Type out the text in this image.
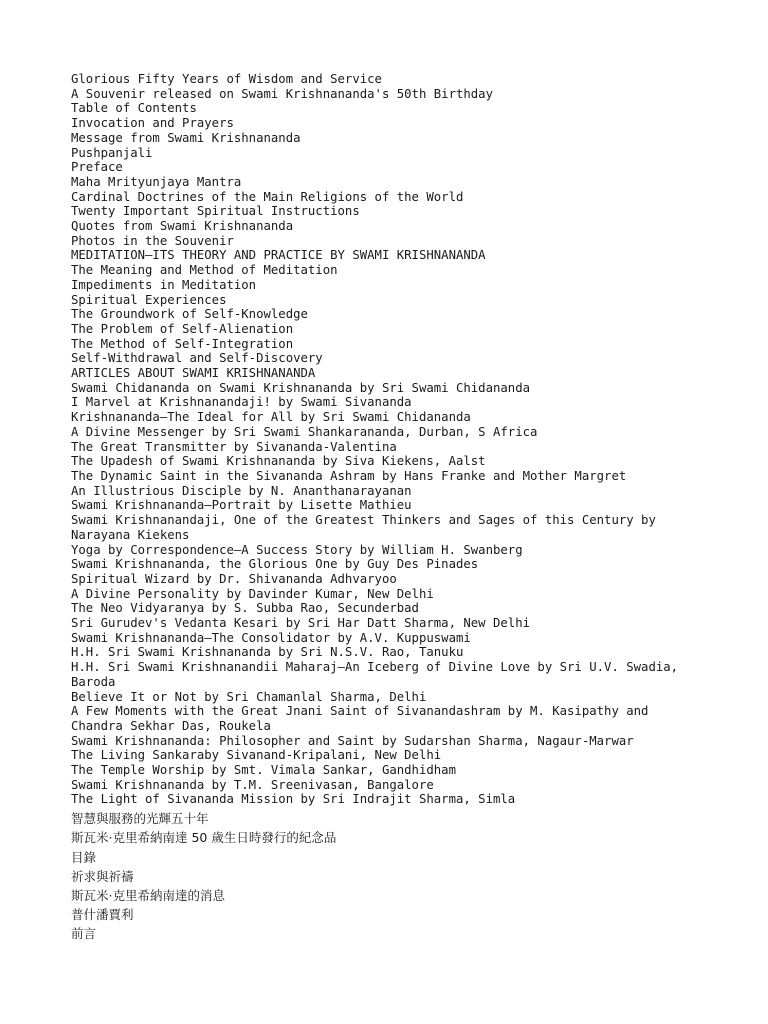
Glorious Fifty Years of Wisdom and Service

A Souvenir released on Swami Krishnananda's 50th Birthday

Table of Contents

Invocation and Prayers

Message from Swami Krishnananda

Pushpanjali

Preface

Maha Mrityunjaya Mantra

Cardinal Doctrines of the Main Religions of the World

Twenty Important Spiritual Instructions

Quotes from Swami Krishnananda

Photos in the Souvenir

MEDITATION—ITS THEORY AND PRACTICE BY SWAMI KRISHNANANDA

The Meaning and Method of Meditation

Impediments in Meditation

Spiritual Experiences

The Groundwork of Self-Knowledge

The Problem of Self-Alienation

The Method of Self-Integration

Self-Withdrawal and Self-Discovery

ARTICLES ABOUT SWAMI KRISHNANANDA

Swami Chidananda on Swami Krishnananda by Sri Swami Chidananda

I Marvel at Krishnanandaji! by Swami Sivananda

Krishnananda—The Ideal for All by Sri Swami Chidananda

A Divine Messenger by Sri Swami Shankarananda, Durban, S Africa

The Great Transmitter by Sivananda-Valentina

The Upadesh of Swami Krishnananda by Siva Kiekens, Aalst

The Dynamic Saint in the Sivananda Ashram by Hans Franke and Mother Margret

An Illustrious Disciple by N. Ananthanarayanan

Swami Krishnananda—Portrait by Lisette Mathieu

Swami Krishnanandaji, One of the Greatest Thinkers and Sages of this Century by

Narayana Kiekens

Yoga by Correspondence—A Success Story by William H. Swanberg

Swami Krishnananda, the Glorious One by Guy Des Pinades

Spiritual Wizard by Dr. Shivananda Adhvaryoo

A Divine Personality by Davinder Kumar, New Delhi

The Neo Vidyaranya by S. Subba Rao, Secunderbad

Sri Gurudev's Vedanta Kesari by Sri Har Datt Sharma, New Delhi

Swami Krishnananda—The Consolidator by A.V. Kuppuswami

H.H. Sri Swami Krishnananda by Sri N.S.V. Rao, Tanuku

H.H. Sri Swami Krishnanandii Maharaj—An Iceberg of Divine Love by Sri U.V. Swadia,

Baroda

Believe It or Not by Sri Chamanlal Sharma, Delhi

A Few Moments with the Great Jnani Saint of Sivanandashram by M. Kasipathy and

Chandra Sekhar Das, Roukela

Swami Krishnananda: Philosopher and Saint by Sudarshan Sharma, Nagaur-Marwar

The Living Sankaraby Sivanand-Kripalani, New Delhi

The Temple Worship by Smt. Vimala Sankar, Gandhidham

Swami Krishnananda by T.M. Sreenivasan, Bangalore

The Light of Sivananda Mission by Sri Indrajit Sharma, Simla

智慧與服務的光輝五十年

斯瓦米·克里希納南達 50 歲生日時發行的紀念品

目錄

祈求與祈禱

斯瓦米·克里希納南達的消息

普什潘賈利

前言
